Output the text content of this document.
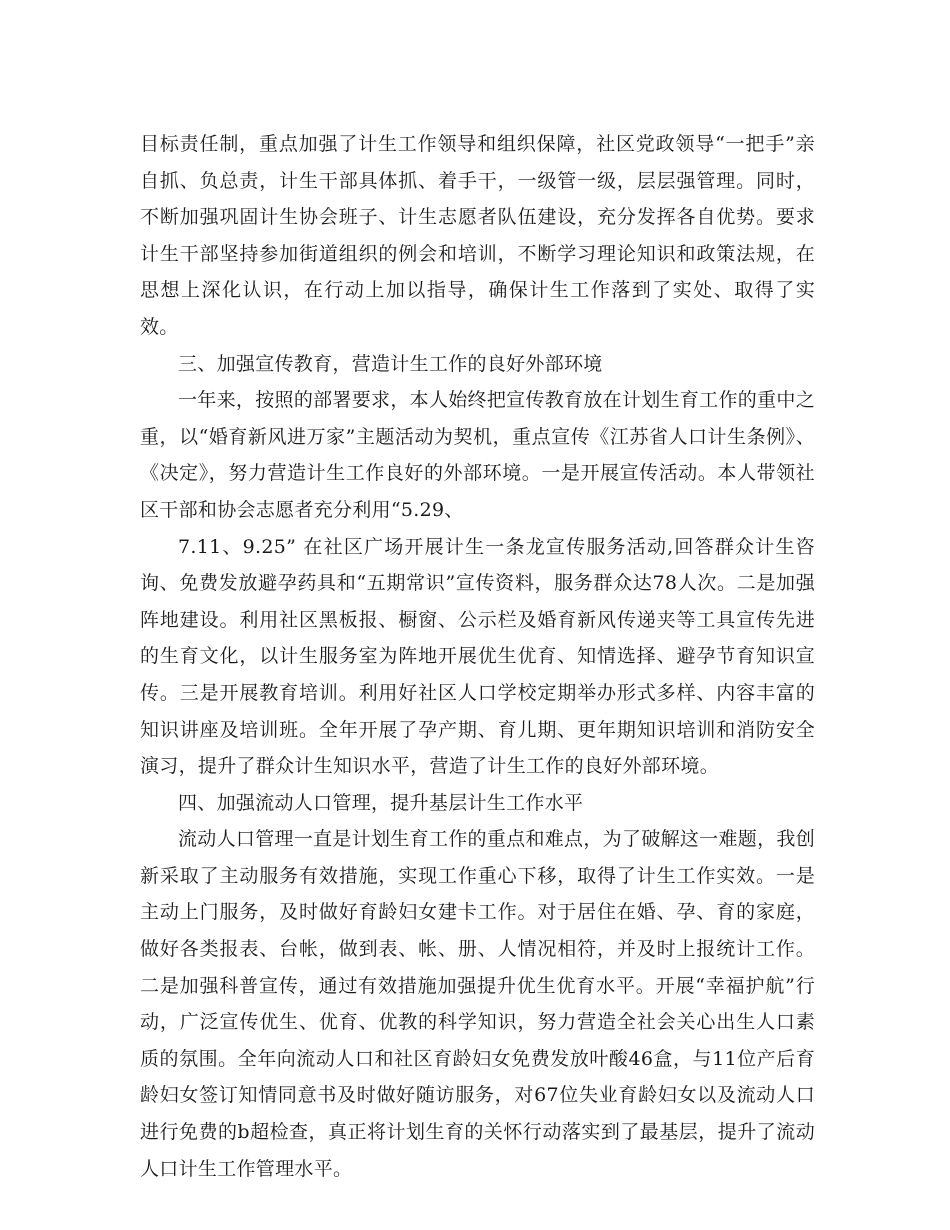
目标责任制，重点加强了计生工作领导和组织保障，社区党政领导“一把手”亲自抓、负总责，计生干部具体抓、着手干，一级管一级，层层强管理。同时，不断加强巩固计生协会班子、计生志愿者队伍建设，充分发挥各自优势。要求计生干部坚持参加街道组织的例会和培训，不断学习理论知识和政策法规，在思想上深化认识，在行动上加以指导，确保计生工作落到了实处、取得了实效。

三、加强宣传教育，营造计生工作的良好外部环境

一年来，按照的部署要求，本人始终把宣传教育放在计划生育工作的重中之重，以“婚育新风进万家”主题活动为契机，重点宣传《江苏省人口计生条例》、《决定》，努力营造计生工作良好的外部环境。一是开展宣传活动。本人带领社区干部和协会志愿者充分利用“5.29、

7.11、9.25” 在社区广场开展计生一条龙宣传服务活动,回答群众计生咨询、免费发放避孕药具和“五期常识”宣传资料，服务群众达78人次。二是加强阵地建设。利用社区黑板报、橱窗、公示栏及婚育新风传递夹等工具宣传先进的生育文化，以计生服务室为阵地开展优生优育、知情选择、避孕节育知识宣传。三是开展教育培训。利用好社区人口学校定期举办形式多样、内容丰富的知识讲座及培训班。全年开展了孕产期、育儿期、更年期知识培训和消防安全演习，提升了群众计生知识水平，营造了计生工作的良好外部环境。

四、加强流动人口管理，提升基层计生工作水平

流动人口管理一直是计划生育工作的重点和难点，为了破解这一难题，我创新采取了主动服务有效措施，实现工作重心下移，取得了计生工作实效。一是主动上门服务，及时做好育龄妇女建卡工作。对于居住在婚、孕、育的家庭，做好各类报表、台帐，做到表、帐、册、人情况相符，并及时上报统计工作。二是加强科普宣传，通过有效措施加强提升优生优育水平。开展“幸福护航”行动，广泛宣传优生、优育、优教的科学知识，努力营造全社会关心出生人口素质的氛围。全年向流动人口和社区育龄妇女免费发放叶酸46盒，与11位产后育龄妇女签订知情同意书及时做好随访服务，对67位失业育龄妇女以及流动人口进行免费的b超检查，真正将计划生育的关怀行动落实到了最基层，提升了流动人口计生工作管理水平。
